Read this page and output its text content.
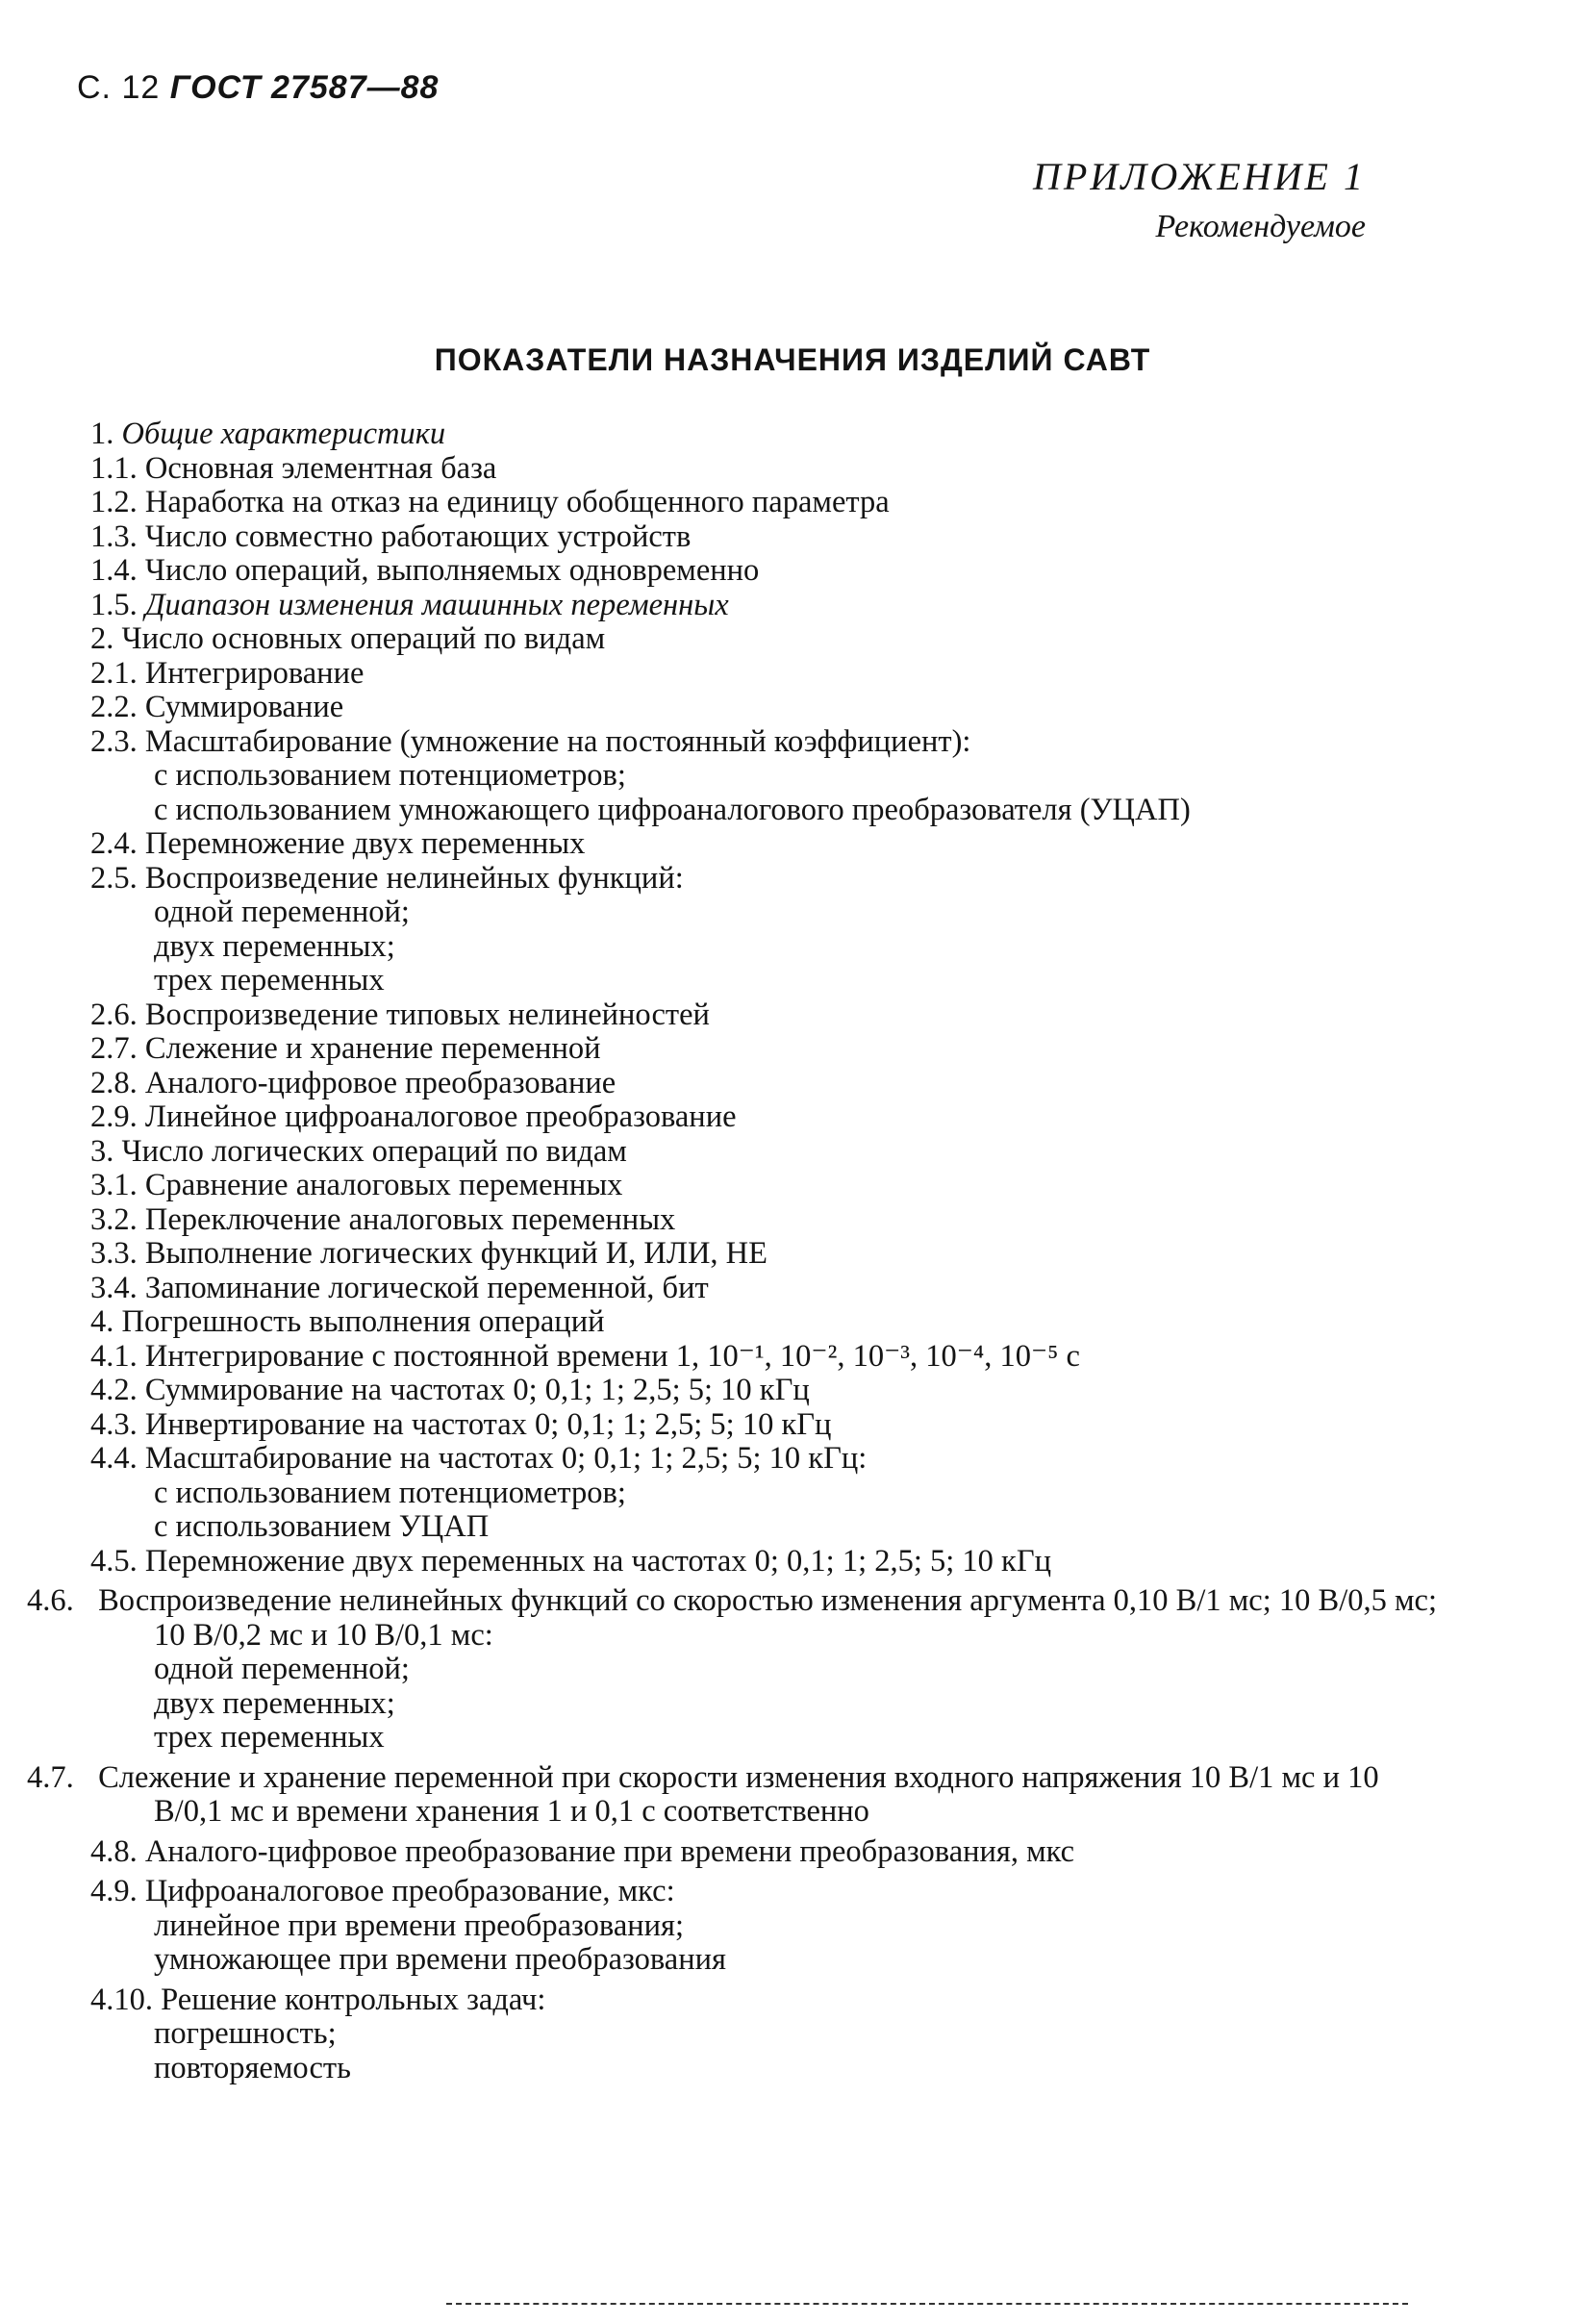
С. 12 ГОСТ 27587—88
ПРИЛОЖЕНИЕ 1
Рекомендуемое
ПОКАЗАТЕЛИ НАЗНАЧЕНИЯ ИЗДЕЛИЙ САВТ
1. Общие характеристики
1.1. Основная элементная база
1.2. Наработка на отказ на единицу обобщенного параметра
1.3. Число совместно работающих устройств
1.4. Число операций, выполняемых одновременно
1.5. Диапазон изменения машинных переменных
2. Число основных операций по видам
2.1. Интегрирование
2.2. Суммирование
2.3. Масштабирование (умножение на постоянный коэффициент):
с использованием потенциометров;
с использованием умножающего цифроаналогового преобразователя (УЦАП)
2.4. Перемножение двух переменных
2.5. Воспроизведение нелинейных функций:
одной переменной;
двух переменных;
трех переменных
2.6. Воспроизведение типовых нелинейностей
2.7. Слежение и хранение переменной
2.8. Аналого-цифровое преобразование
2.9. Линейное цифроаналоговое преобразование
3. Число логических операций по видам
3.1. Сравнение аналоговых переменных
3.2. Переключение аналоговых переменных
3.3. Выполнение логических функций И, ИЛИ, НЕ
3.4. Запоминание логической переменной, бит
4. Погрешность выполнения операций
4.1. Интегрирование с постоянной времени 1, 10⁻¹, 10⁻², 10⁻³, 10⁻⁴, 10⁻⁵ с
4.2. Суммирование на частотах 0; 0,1; 1; 2,5; 5; 10 кГц
4.3. Инвертирование на частотах 0; 0,1; 1; 2,5; 5; 10 кГц
4.4. Масштабирование на частотах 0; 0,1; 1; 2,5; 5; 10 кГц:
с использованием потенциометров;
с использованием УЦАП
4.5. Перемножение двух переменных на частотах 0; 0,1; 1; 2,5; 5; 10 кГц
4.6. Воспроизведение нелинейных функций со скоростью изменения аргумента 0,10 В/1 мс; 10 В/0,5 мс; 10 В/0,2 мс и 10 В/0,1 мс:
одной переменной;
двух переменных;
трех переменных
4.7. Слежение и хранение переменной при скорости изменения входного напряжения 10 В/1 мс и 10 В/0,1 мс и времени хранения 1 и 0,1 с соответственно
4.8. Аналого-цифровое преобразование при времени преобразования, мкс
4.9. Цифроаналоговое преобразование, мкс:
линейное при времени преобразования;
умножающее при времени преобразования
4.10. Решение контрольных задач:
погрешность;
повторяемость
